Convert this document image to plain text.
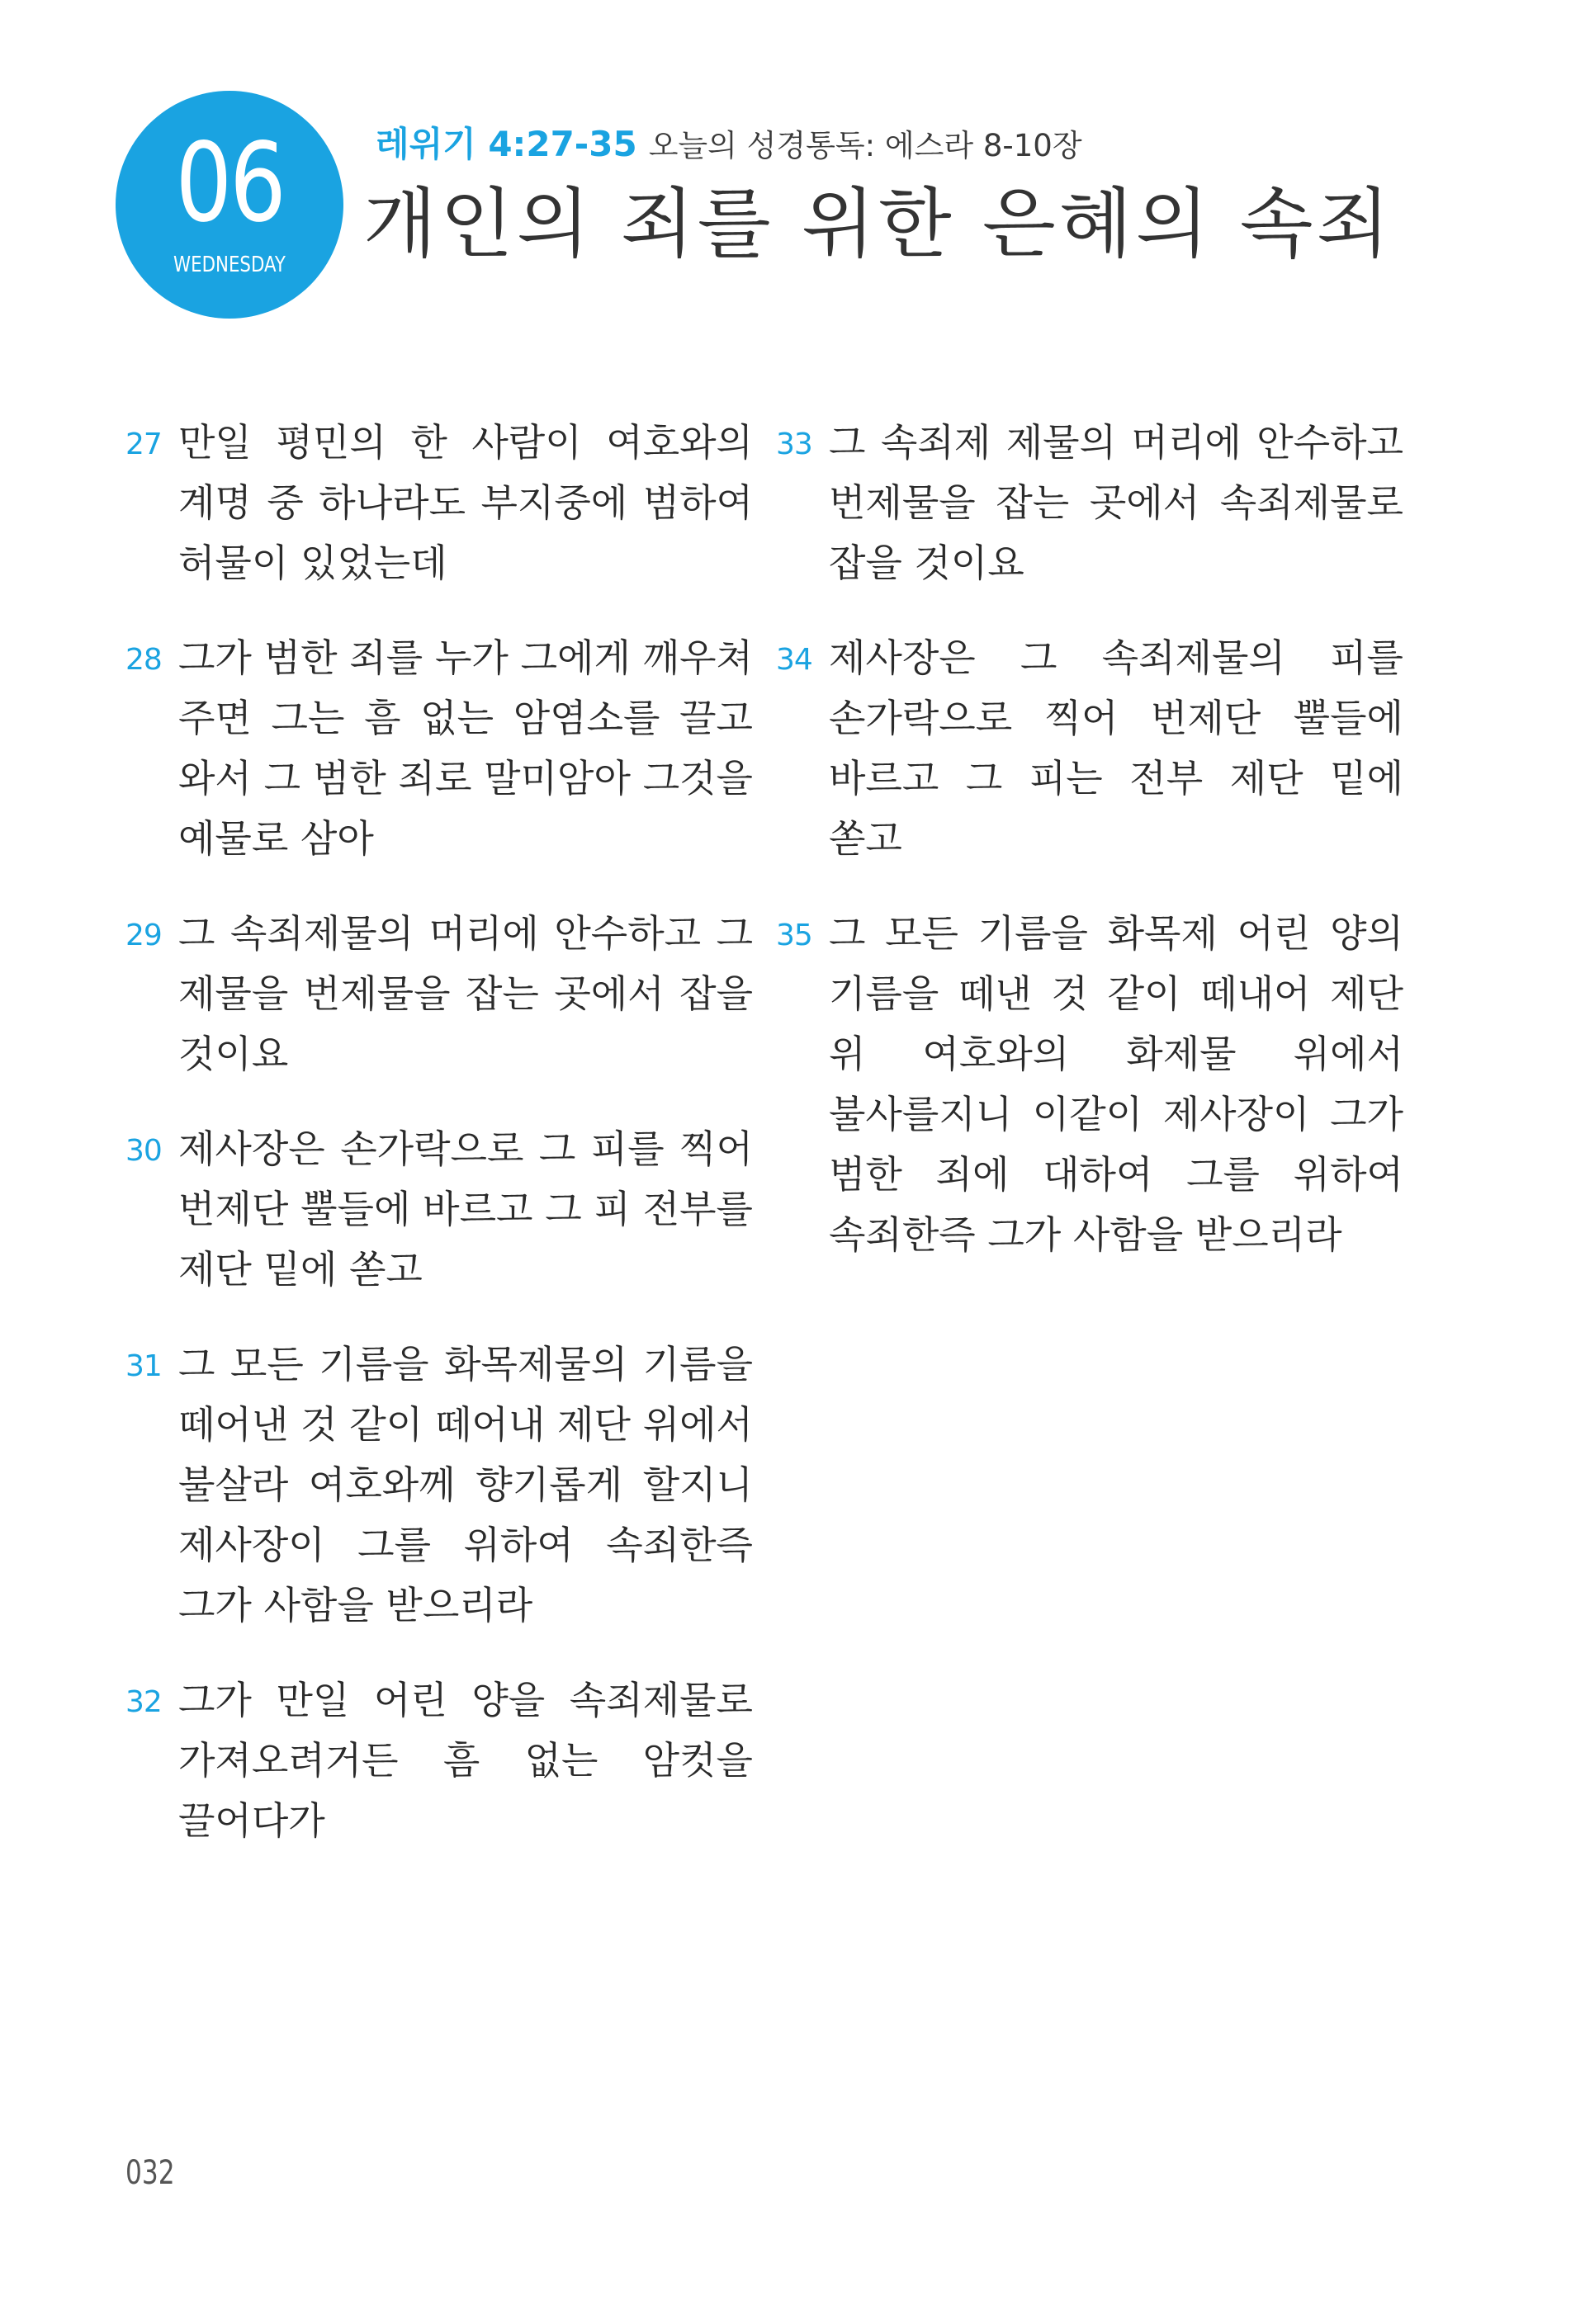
06
WEDNESDAY
레위기 4:27-35 오늘의 성경통독: 에스라 8-10장
개인의 죄를 위한 은혜의 속죄
27 만일 평민의 한 사람이 여호와의 계명 중 하나라도 부지중에 범하여 허물이 있었는데
28 그가 범한 죄를 누가 그에게 깨우쳐 주면 그는 흠 없는 암염소를 끌고 와서 그 범한 죄로 말미암아 그것을 예물로 삼아
29 그 속죄제물의 머리에 안수하고 그 제물을 번제물을 잡는 곳에서 잡을 것이요
30 제사장은 손가락으로 그 피를 찍어 번제단 뿔들에 바르고 그 피 전부를 제단 밑에 쏟고
31 그 모든 기름을 화목제물의 기름을 떼어낸 것 같이 떼어내 제단 위에서 불살라 여호와께 향기롭게 할지니 제사장이 그를 위하여 속죄한즉 그가 사함을 받으리라
32 그가 만일 어린 양을 속죄제물로 가져오려거든 흠 없는 암컷을 끌어다가
33 그 속죄제 제물의 머리에 안수하고 번제물을 잡는 곳에서 속죄제물로 잡을 것이요
34 제사장은 그 속죄제물의 피를 손가락으로 찍어 번제단 뿔들에 바르고 그 피는 전부 제단 밑에 쏟고
35 그 모든 기름을 화목제 어린 양의 기름을 떼낸 것 같이 떼내어 제단 위 여호와의 화제물 위에서 불사를지니 이같이 제사장이 그가 범한 죄에 대하여 그를 위하여 속죄한즉 그가 사함을 받으리라
032
